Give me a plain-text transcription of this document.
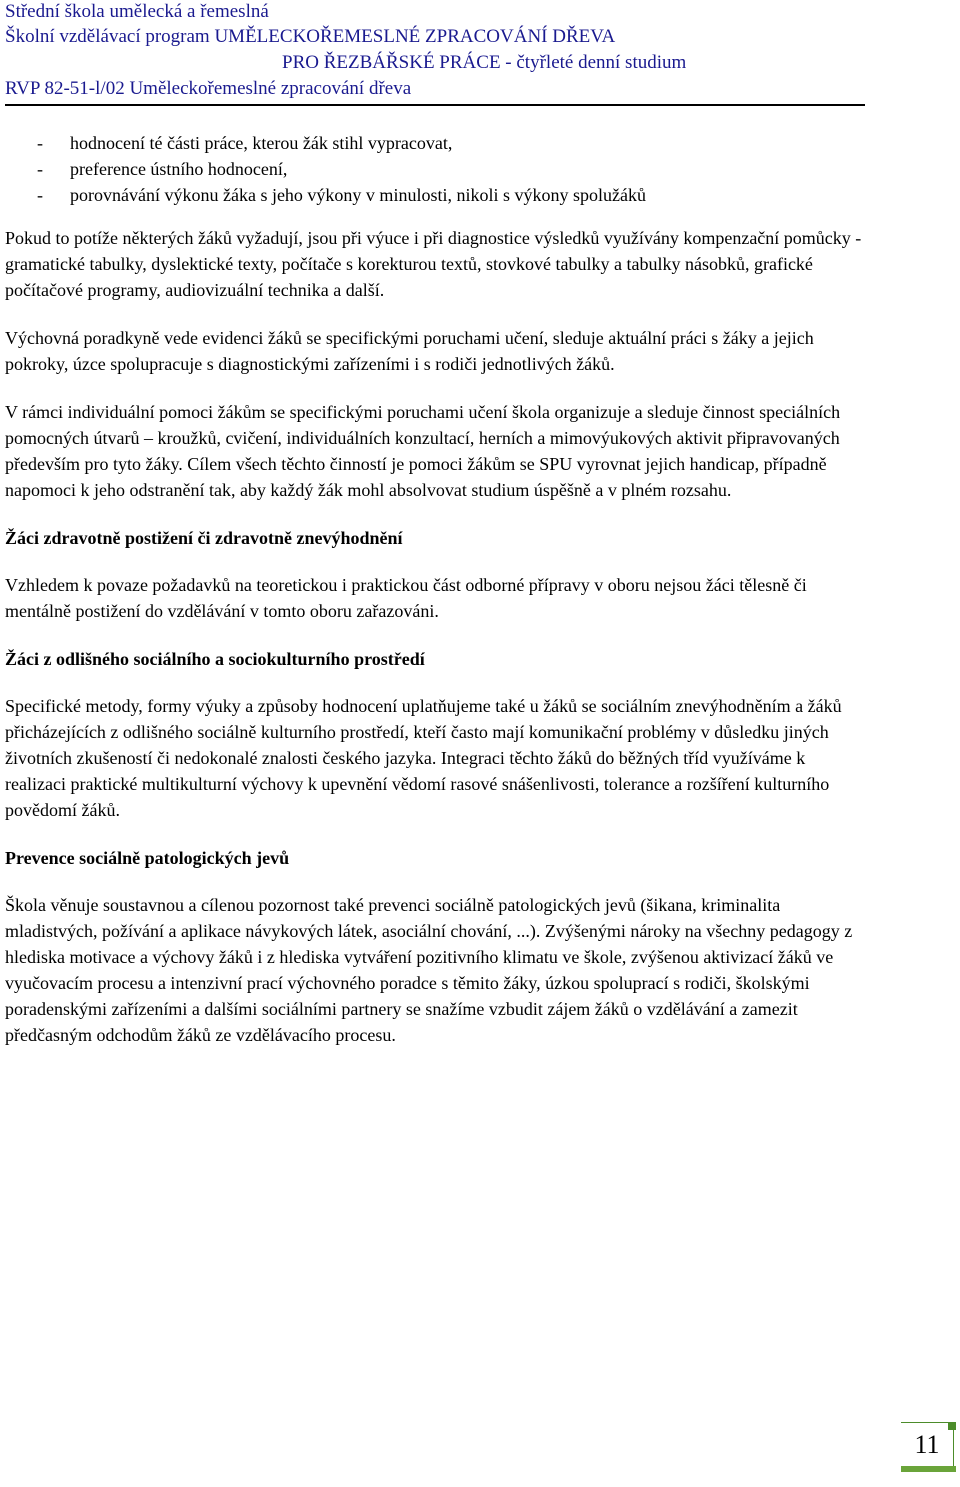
Střední škola umělecká a řemeslná
Školní vzdělávací program UMĚLECKOŘEMESLNÉ ZPRACOVÁNÍ DŘEVA
PRO ŘEZBÁŘSKÉ PRÁCE - čtyřleté denní studium
RVP 82-51-l/02 Uměleckořemeslné zpracování dřeva
- hodnocení té části práce, kterou žák stihl vypracovat,
- preference ústního hodnocení,
- porovnávání výkonu žáka s jeho výkony v minulosti, nikoli s výkony spolužáků

Pokud to potíže některých žáků vyžadují, jsou při výuce i při diagnostice výsledků využívány kompenzační pomůcky - gramatické tabulky, dyslektické texty, počítače s korekturou textů, stovkové tabulky a tabulky násobků, grafické počítačové programy, audiovizuální technika a další.

Výchovná poradkyně vede evidenci žáků se specifickými poruchami učení, sleduje aktuální práci s žáky a jejich pokroky, úzce spolupracuje s diagnostickými zařízeními i s rodiči jednotlivých žáků.

V rámci individuální pomoci žákům se specifickými poruchami učení škola organizuje a sleduje činnost speciálních pomocných útvarů – kroužků, cvičení, individuálních konzultací, herních a mimovýukových aktivit připravovaných především pro tyto žáky. Cílem všech těchto činností je pomoci žákům se SPU vyrovnat jejich handicap, případně napomoci k jeho odstranění tak, aby každý žák mohl absolvovat studium úspěšně a v plném rozsahu.

Žáci zdravotně postižení či zdravotně znevýhodnění

Vzhledem k povaze požadavků na teoretickou i praktickou část odborné přípravy v oboru nejsou žáci tělesně či mentálně postižení do vzdělávání v tomto oboru zařazováni.

Žáci z odlišného sociálního a sociokulturního prostředí

Specifické metody, formy výuky a způsoby hodnocení uplatňujeme také u žáků se sociálním znevýhodněním a žáků přicházejících z odlišného sociálně kulturního prostředí, kteří často mají komunikační problémy v důsledku jiných životních zkušeností či nedokonalé znalosti českého jazyka. Integraci těchto žáků do běžných tříd využíváme k realizaci praktické multikulturní výchovy k upevnění vědomí rasové snášenlivosti, tolerance a rozšíření kulturního povědomí žáků.

Prevence sociálně patologických jevů

Škola věnuje soustavnou a cílenou pozornost také prevenci sociálně patologických jevů (šikana, kriminalita mladistvých, požívání a aplikace návykových látek, asociální chování, ...). Zvýšenými nároky na všechny pedagogy z hlediska motivace a výchovy žáků i z hlediska vytváření pozitivního klimatu ve škole, zvýšenou aktivizací žáků ve vyučovacím procesu a intenzivní prací výchovného poradce s těmito žáky, úzkou spoluprací s rodiči, školskými poradenskými zařízeními a dalšími sociálními partnery se snažíme vzbudit zájem žáků o vzdělávání a zamezit předčasným odchodům žáků ze vzdělávacího procesu.

11
